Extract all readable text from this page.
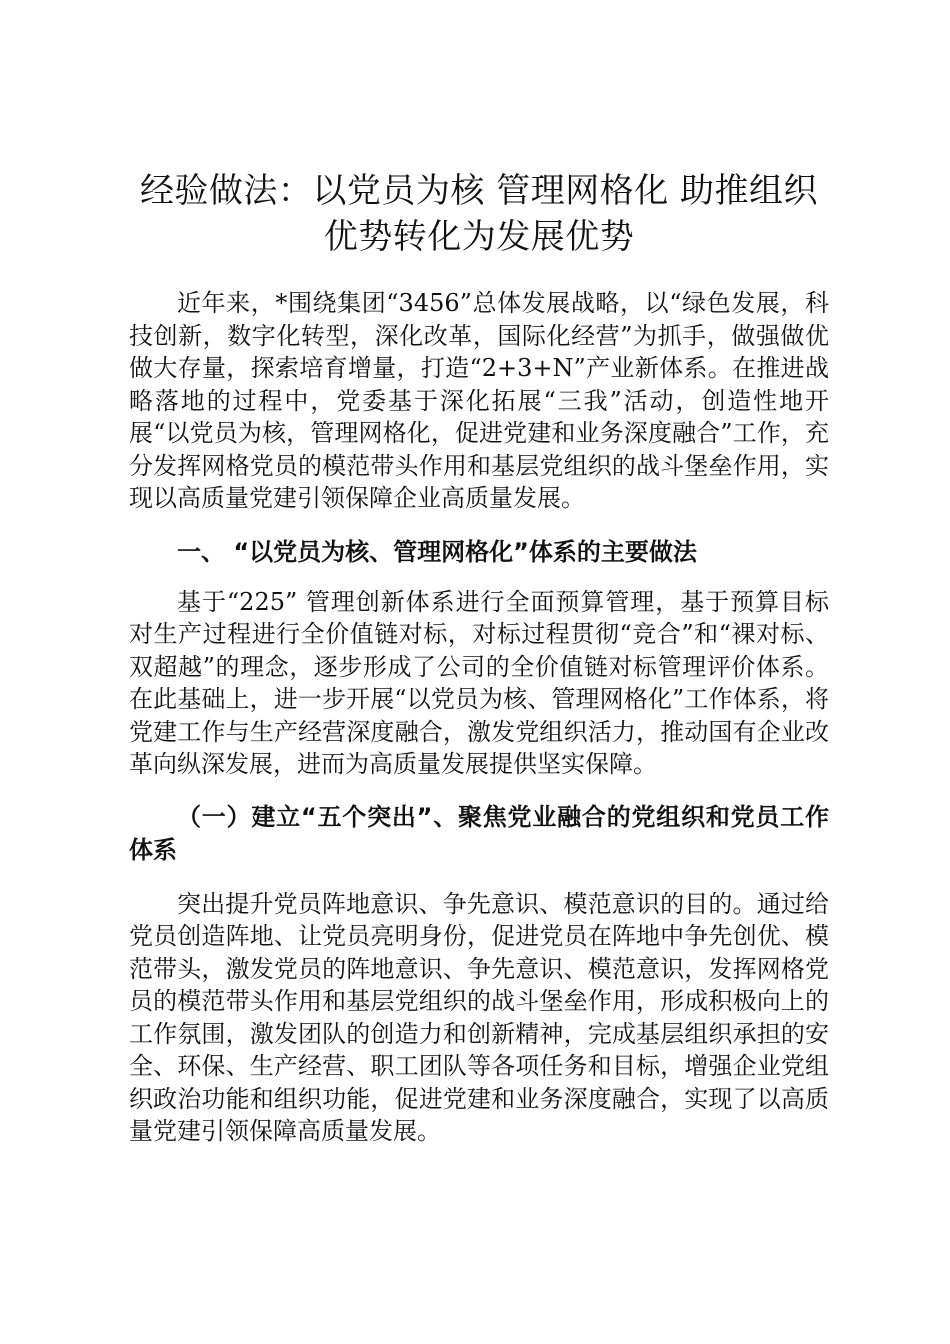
经验做法：以党员为核 管理网格化 助推组织优势转化为发展优势

近年来，*围绕集团“3456”总体发展战略，以“绿色发展，科技创新，数字化转型，深化改革，国际化经营”为抓手，做强做优做大存量，探索培育增量，打造“2+3+N”产业新体系。在推进战略落地的过程中，党委基于深化拓展“三我”活动，创造性地开展“以党员为核，管理网格化，促进党建和业务深度融合”工作，充分发挥网格党员的模范带头作用和基层党组织的战斗堡垒作用，实现以高质量党建引领保障企业高质量发展。

一、 “以党员为核、管理网格化”体系的主要做法

基于“225” 管理创新体系进行全面预算管理，基于预算目标对生产过程进行全价值链对标，对标过程贯彻“竞合”和“裸对标、双超越”的理念，逐步形成了公司的全价值链对标管理评价体系。在此基础上，进一步开展“以党员为核、管理网格化”工作体系，将党建工作与生产经营深度融合，激发党组织活力，推动国有企业改革向纵深发展，进而为高质量发展提供坚实保障。

（一）建立“五个突出”、聚焦党业融合的党组织和党员工作体系

突出提升党员阵地意识、争先意识、模范意识的目的。通过给党员创造阵地、让党员亮明身份，促进党员在阵地中争先创优、模范带头，激发党员的阵地意识、争先意识、模范意识，发挥网格党员的模范带头作用和基层党组织的战斗堡垒作用，形成积极向上的工作氛围，激发团队的创造力和创新精神，完成基层组织承担的安全、环保、生产经营、职工团队等各项任务和目标，增强企业党组织政治功能和组织功能，促进党建和业务深度融合，实现了以高质量党建引领保障高质量发展。
